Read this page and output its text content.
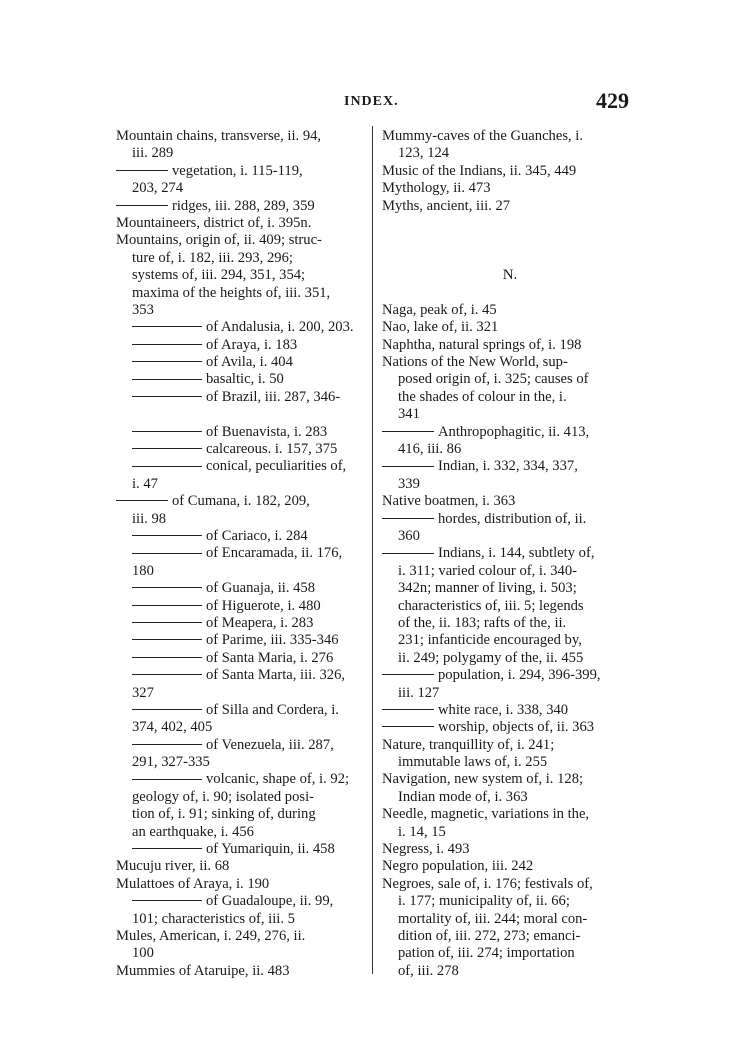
INDEX.	429
Mountain chains, transverse, ii. 94,
iii. 289
vegetation, i. 115-119,
203, 274
ridges, iii. 288, 289, 359
Mountaineers, district of, i. 395n.
Mountains, origin of, ii. 409; struc-
ture of, i. 182, iii. 293, 296;
systems of, iii. 294, 351, 354;
maxima of the heights of, iii. 351,
353
of Andalusia, i. 200, 203.
of Araya, i. 183
of Avila, i. 404
basaltic, i. 50
of Brazil, iii. 287, 346-
of Buenavista, i. 283
calcareous. i. 157, 375
conical, peculiarities of,
i. 47
of Cumana, i. 182, 209,
iii. 98
of Cariaco, i. 284
of Encaramada, ii. 176,
180
of Guanaja, ii. 458
of Higuerote, i. 480
of Meapera, i. 283
of Parime, iii. 335-346
of Santa Maria, i. 276
of Santa Marta, iii. 326,
327
of Silla and Cordera, i.
374, 402, 405
of Venezuela, iii. 287,
291, 327-335
volcanic, shape of, i. 92;
geology of, i. 90; isolated posi-
tion of, i. 91; sinking of, during
an earthquake, i. 456
of Yumariquin, ii. 458
Mucuju river, ii. 68
Mulattoes of Araya, i. 190
of Guadaloupe, ii. 99,
101; characteristics of, iii. 5
Mules, American, i. 249, 276, ii.
100
Mummies of Ataruipe, ii. 483
Mummy-caves of the Guanches, i.
123, 124
Music of the Indians, ii. 345, 449
Mythology, ii. 473
Myths, ancient, iii. 27
N.
Naga, peak of, i. 45
Nao, lake of, ii. 321
Naphtha, natural springs of, i. 198
Nations of the New World, sup-
posed origin of, i. 325; causes of
the shades of colour in the, i.
341
Anthropophagitic, ii. 413,
416, iii. 86
Indian, i. 332, 334, 337,
339
Native boatmen, i. 363
hordes, distribution of, ii.
360
Indians, i. 144, subtlety of,
i. 311; varied colour of, i. 340-
342n; manner of living, i. 503;
characteristics of, iii. 5; legends
of the, ii. 183; rafts of the, ii.
231; infanticide encouraged by,
ii. 249; polygamy of the, ii. 455
population, i. 294, 396-399,
iii. 127
white race, i. 338, 340
worship, objects of, ii. 363
Nature, tranquillity of, i. 241;
immutable laws of, i. 255
Navigation, new system of, i. 128;
Indian mode of, i. 363
Needle, magnetic, variations in the,
i. 14, 15
Negress, i. 493
Negro population, iii. 242
Negroes, sale of, i. 176; festivals of,
i. 177; municipality of, ii. 66;
mortality of, iii. 244; moral con-
dition of, iii. 272, 273; emanci-
pation of, iii. 274; importation
of, iii. 278
